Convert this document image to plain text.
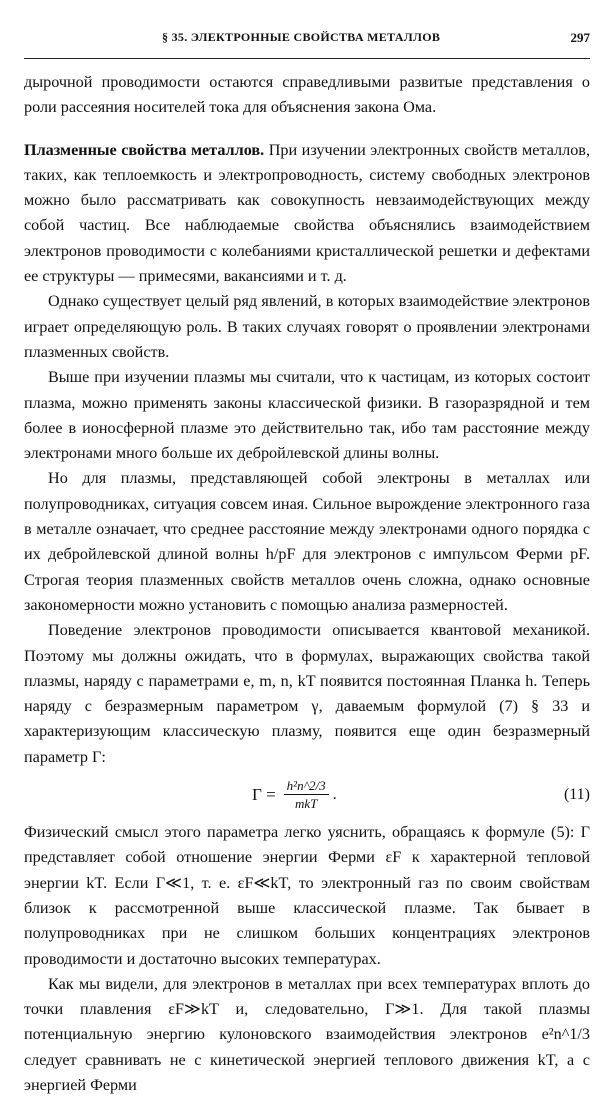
§ 35. ЭЛЕКТРОННЫЕ СВОЙСТВА МЕТАЛЛОВ	297

дырочной проводимости остаются справедливыми развитые представления о роли рассеяния носителей тока для объяснения закона Ома.

Плазменные свойства металлов. При изучении электронных свойств металлов, таких, как теплоемкость и электропроводность, систему свободных электронов можно было рассматривать как совокупность невзаимодействующих между собой частиц. Все наблюдаемые свойства объяснялись взаимодействием электронов проводимости с колебаниями кристаллической решетки и дефектами ее структуры — примесями, вакансиями и т. д.

Однако существует целый ряд явлений, в которых взаимодействие электронов играет определяющую роль. В таких случаях говорят о проявлении электронами плазменных свойств.

Выше при изучении плазмы мы считали, что к частицам, из которых состоит плазма, можно применять законы классической физики. В газоразрядной и тем более в ионосферной плазме это действительно так, ибо там расстояние между электронами много больше их дебройлевской длины волны.

Но для плазмы, представляющей собой электроны в металлах или полупроводниках, ситуация совсем иная. Сильное вырождение электронного газа в металле означает, что среднее расстояние между электронами одного порядка с их дебройлевской длиной волны h/pF для электронов с импульсом Ферми pF. Строгая теория плазменных свойств металлов очень сложна, однако основные закономерности можно установить с помощью анализа размерностей.

Поведение электронов проводимости описывается квантовой механикой. Поэтому мы должны ожидать, что в формулах, выражающих свойства такой плазмы, наряду с параметрами e, m, n, kT появится постоянная Планка h. Теперь наряду с безразмерным параметром γ, даваемым формулой (7) § 33 и характеризующим классическую плазму, появится еще один безразмерный параметр Γ:

$\Gamma = \frac{\text{h²n\textasciicircum{}2/3}}{\text{mkT}}$ .	(11)

Физический смысл этого параметра легко уяснить, обращаясь к формуле (5): Γ представляет собой отношение энергии Ферми εF к характерной тепловой энергии kT. Если Γ≪1, т. е. εF≪kT, то электронный газ по своим свойствам близок к рассмотренной выше классической плазме. Так бывает в полупроводниках при не слишком больших концентрациях электронов проводимости и достаточно высоких температурах.

Как мы видели, для электронов в металлах при всех температурах вплоть до точки плавления εF≫kT и, следовательно, Γ≫1. Для такой плазмы потенциальную энергию кулоновского взаимодействия электронов e²n^1/3 следует сравнивать не с кинетической энергией теплового движения kT, а с энергией Ферми
